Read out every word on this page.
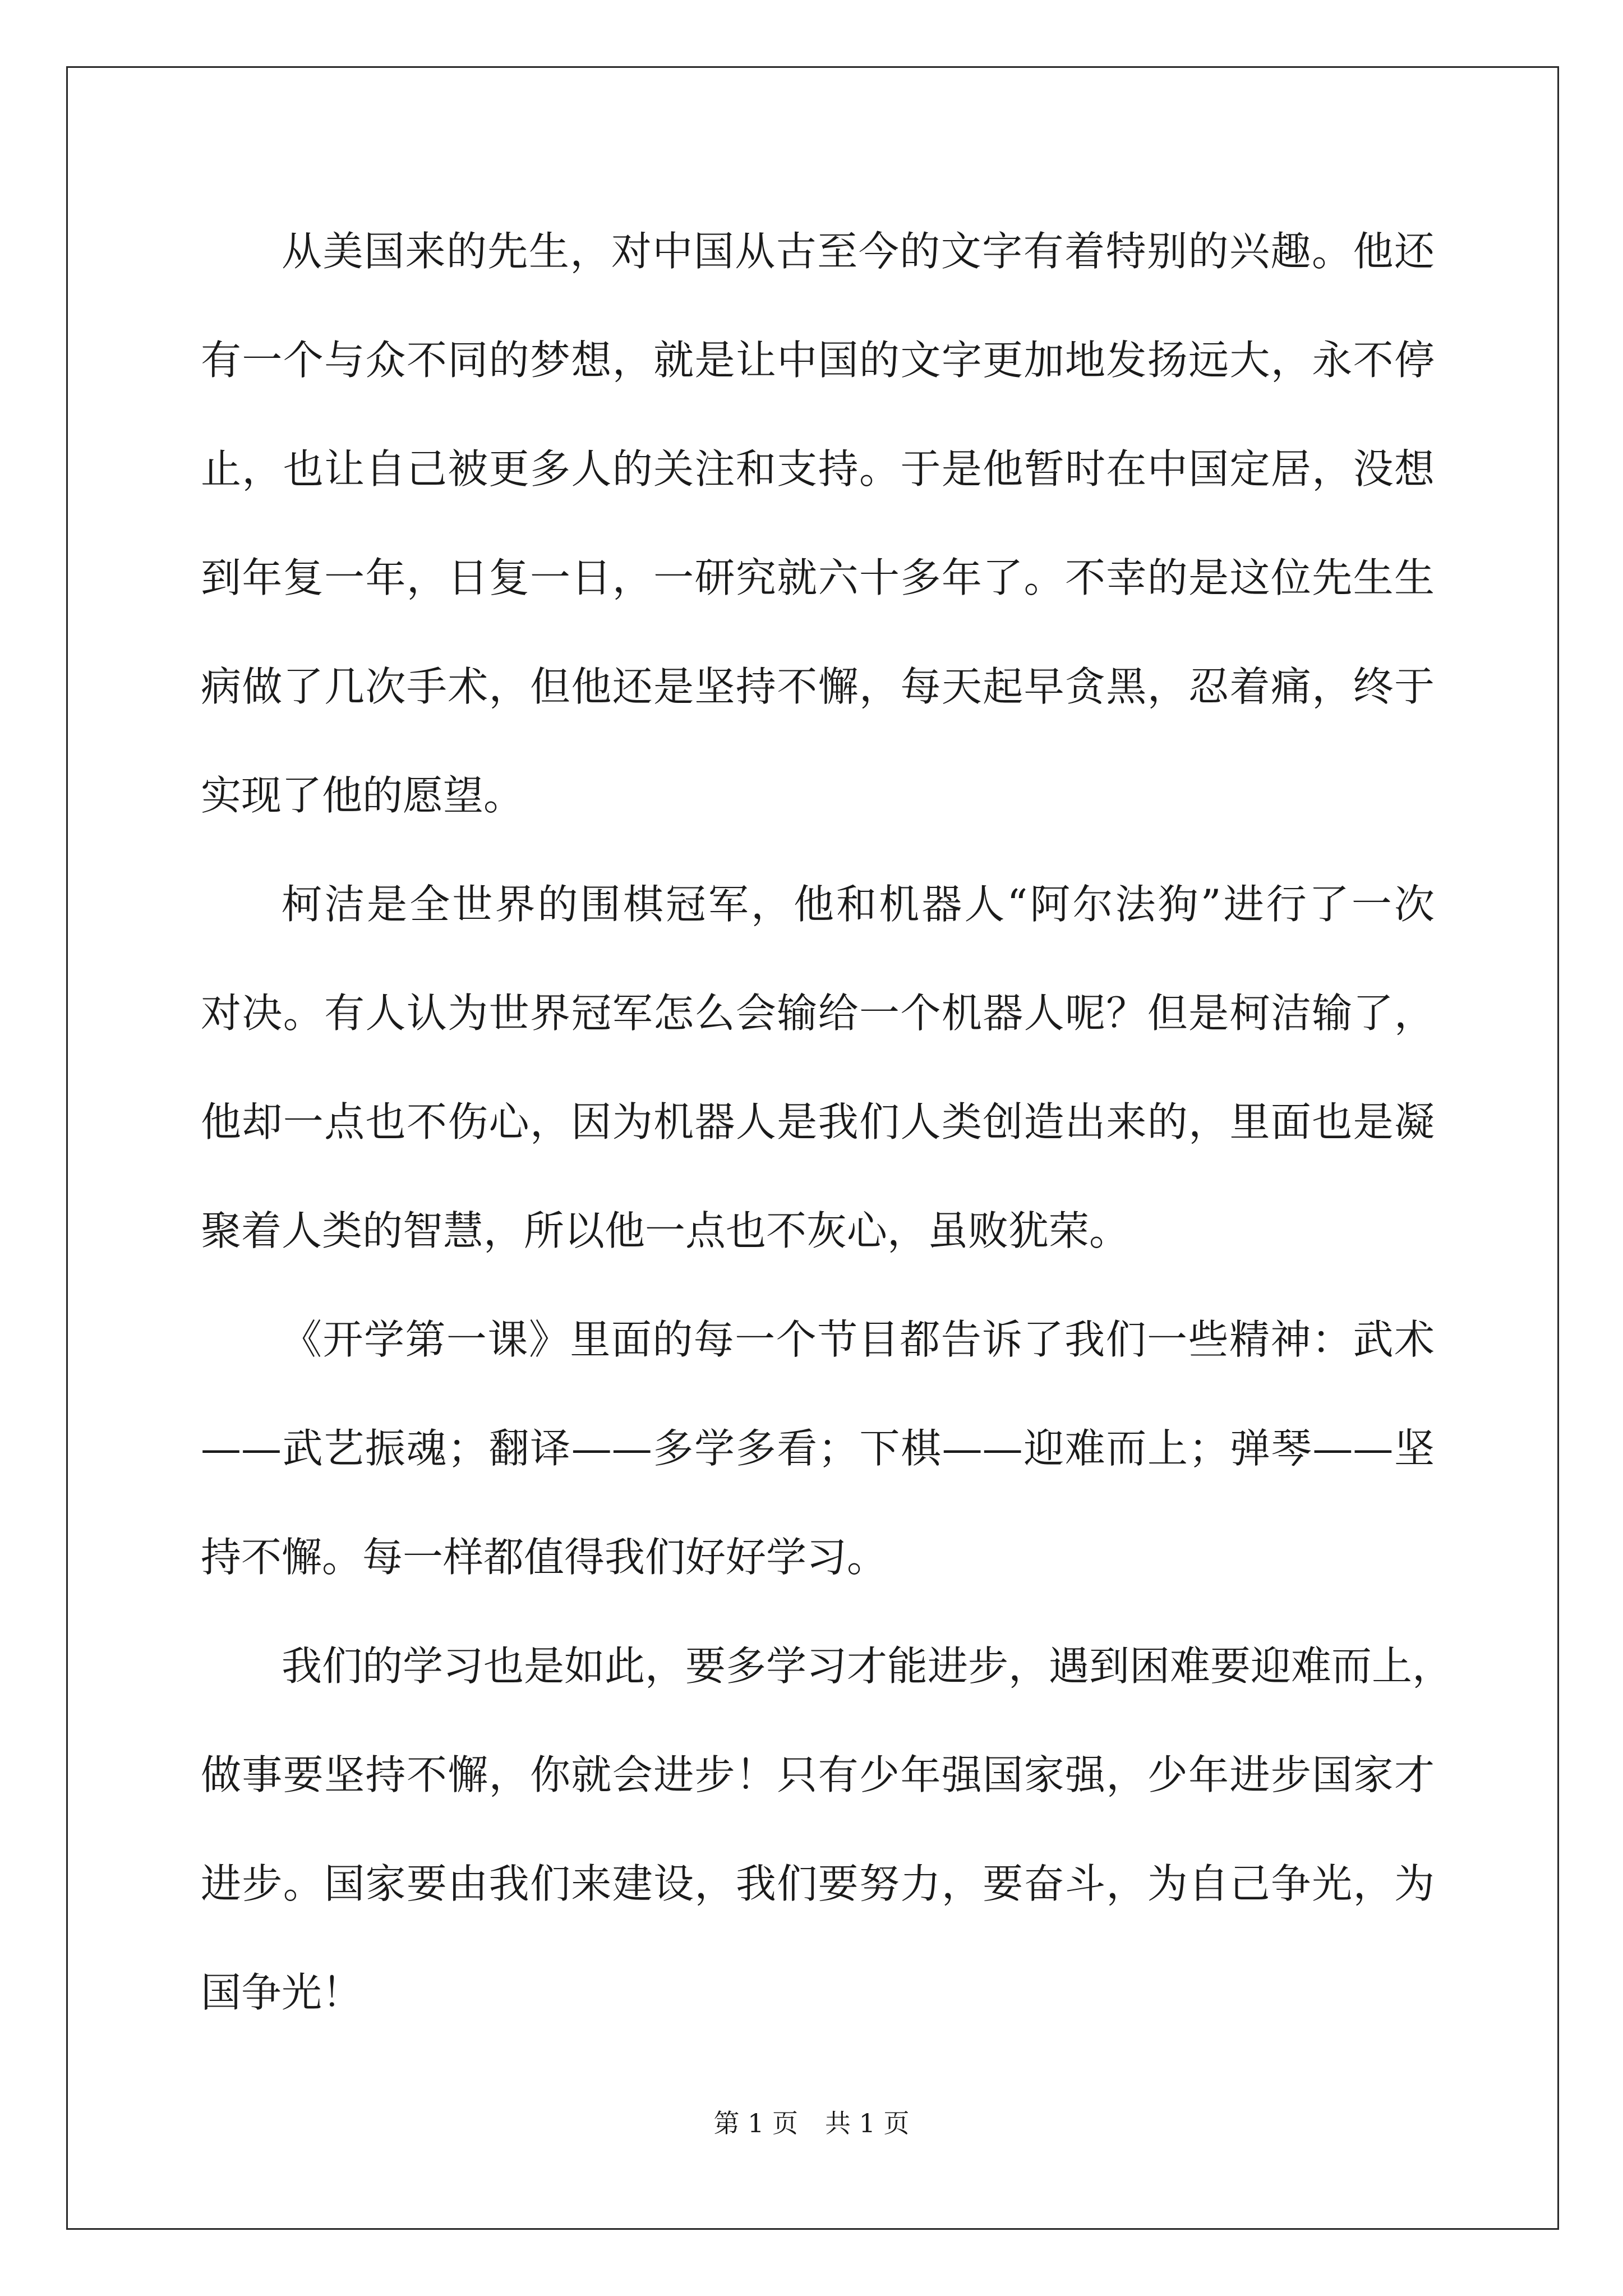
从美国来的先生，对中国从古至今的文字有着特别的兴趣。他还
有一个与众不同的梦想，就是让中国的文字更加地发扬远大，永不停
止，也让自己被更多人的关注和支持。于是他暂时在中国定居，没想
到年复一年，日复一日，一研究就六十多年了。不幸的是这位先生生
病做了几次手术，但他还是坚持不懈，每天起早贪黑，忍着痛，终于
实现了他的愿望。
柯洁是全世界的围棋冠军，他和机器人“阿尔法狗”进行了一次
对决。有人认为世界冠军怎么会输给一个机器人呢？但是柯洁输了，
他却一点也不伤心，因为机器人是我们人类创造出来的，里面也是凝
聚着人类的智慧，所以他一点也不灰心，虽败犹荣。
《开学第一课》里面的每一个节目都告诉了我们一些精神：武术
——武艺振魂；翻译——多学多看；下棋——迎难而上；弹琴——坚
持不懈。每一样都值得我们好好学习。
我们的学习也是如此，要多学习才能进步，遇到困难要迎难而上，
做事要坚持不懈，你就会进步！只有少年强国家强，少年进步国家才
进步。国家要由我们来建设，我们要努力，要奋斗，为自己争光，为
国争光！
第 1 页 共 1 页
